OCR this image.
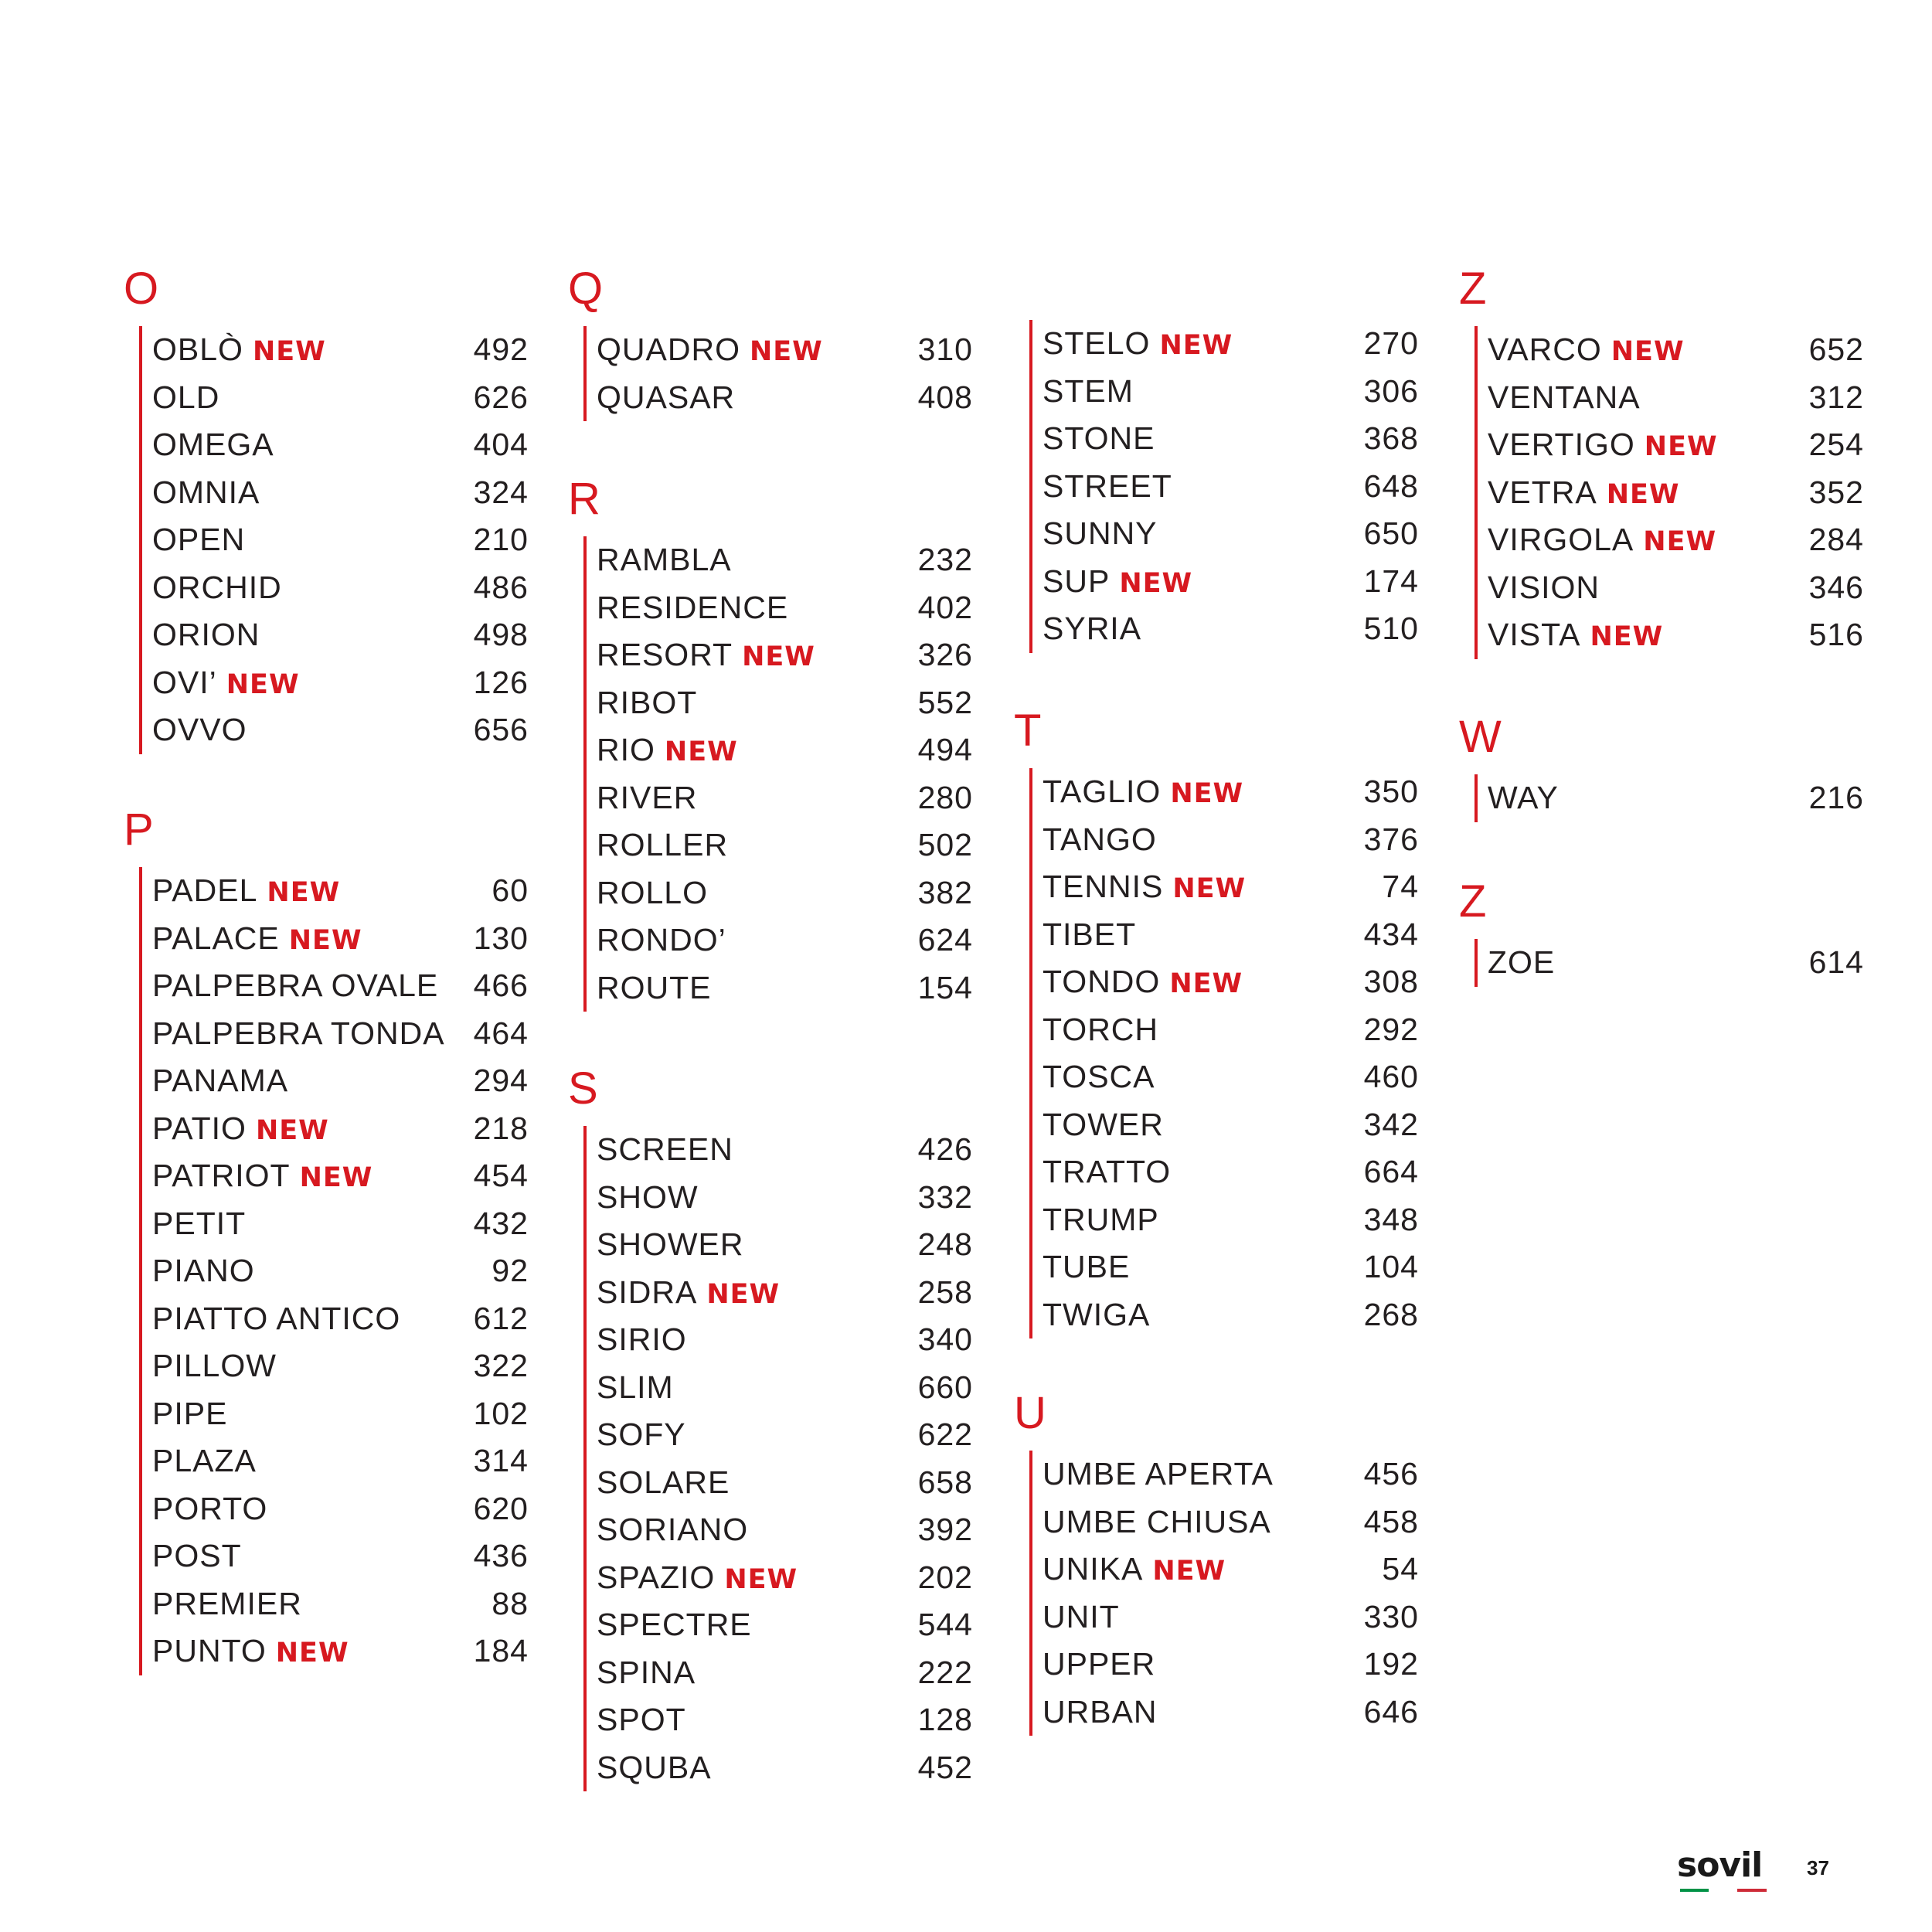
O
OBLÒ NEW	492
OLD	626
OMEGA	404
OMNIA	324
OPEN	210
ORCHID	486
ORION	498
OVI’ NEW	126
OVVO	656
P
PADEL NEW	60
PALACE NEW	130
PALPEBRA OVALE 466
PALPEBRA TONDA 464
PANAMA	294
PATIO NEW	218
PATRIOT NEW	454
PETIT	432
PIANO	92
PIATTO ANTICO 612
PILLOW	322
PIPE	102
PLAZA	314
PORTO	620
POST	436
PREMIER	88
PUNTO NEW	184
Q
QUADRO NEW	310
QUASAR	408
R
RAMBLA	232
RESIDENCE	402
RESORT NEW	326
RIBOT	552
RIO NEW	494
RIVER	280
ROLLER	502
ROLLO	382
RONDO’	624
ROUTE	154
S
SCREEN	426
SHOW	332
SHOWER	248
SIDRA NEW	258
SIRIO	340
SLIM	660
SOFY	622
SOLARE	658
SORIANO	392
SPAZIO NEW	202
SPECTRE	544
SPINA	222
SPOT	128
SQUBA	452
STELO NEW	270
STEM	306
STONE	368
STREET	648
SUNNY	650
SUP NEW	174
SYRIA	510
T
TAGLIO NEW	350
TANGO	376
TENNIS NEW	74
TIBET	434
TONDO NEW	308
TORCH	292
TOSCA	460
TOWER	342
TRATTO	664
TRUMP	348
TUBE	104
TWIGA	268
U
UMBE APERTA	456
UMBE CHIUSA	458
UNIKA NEW	54
UNIT	330
UPPER	192
URBAN	646
Z
VARCO NEW	652
VENTANA	312
VERTIGO NEW	254
VETRA NEW	352
VIRGOLA NEW	284
VISION	346
VISTA NEW	516
W
WAY	216
Z
ZOE	614
sovil 37
